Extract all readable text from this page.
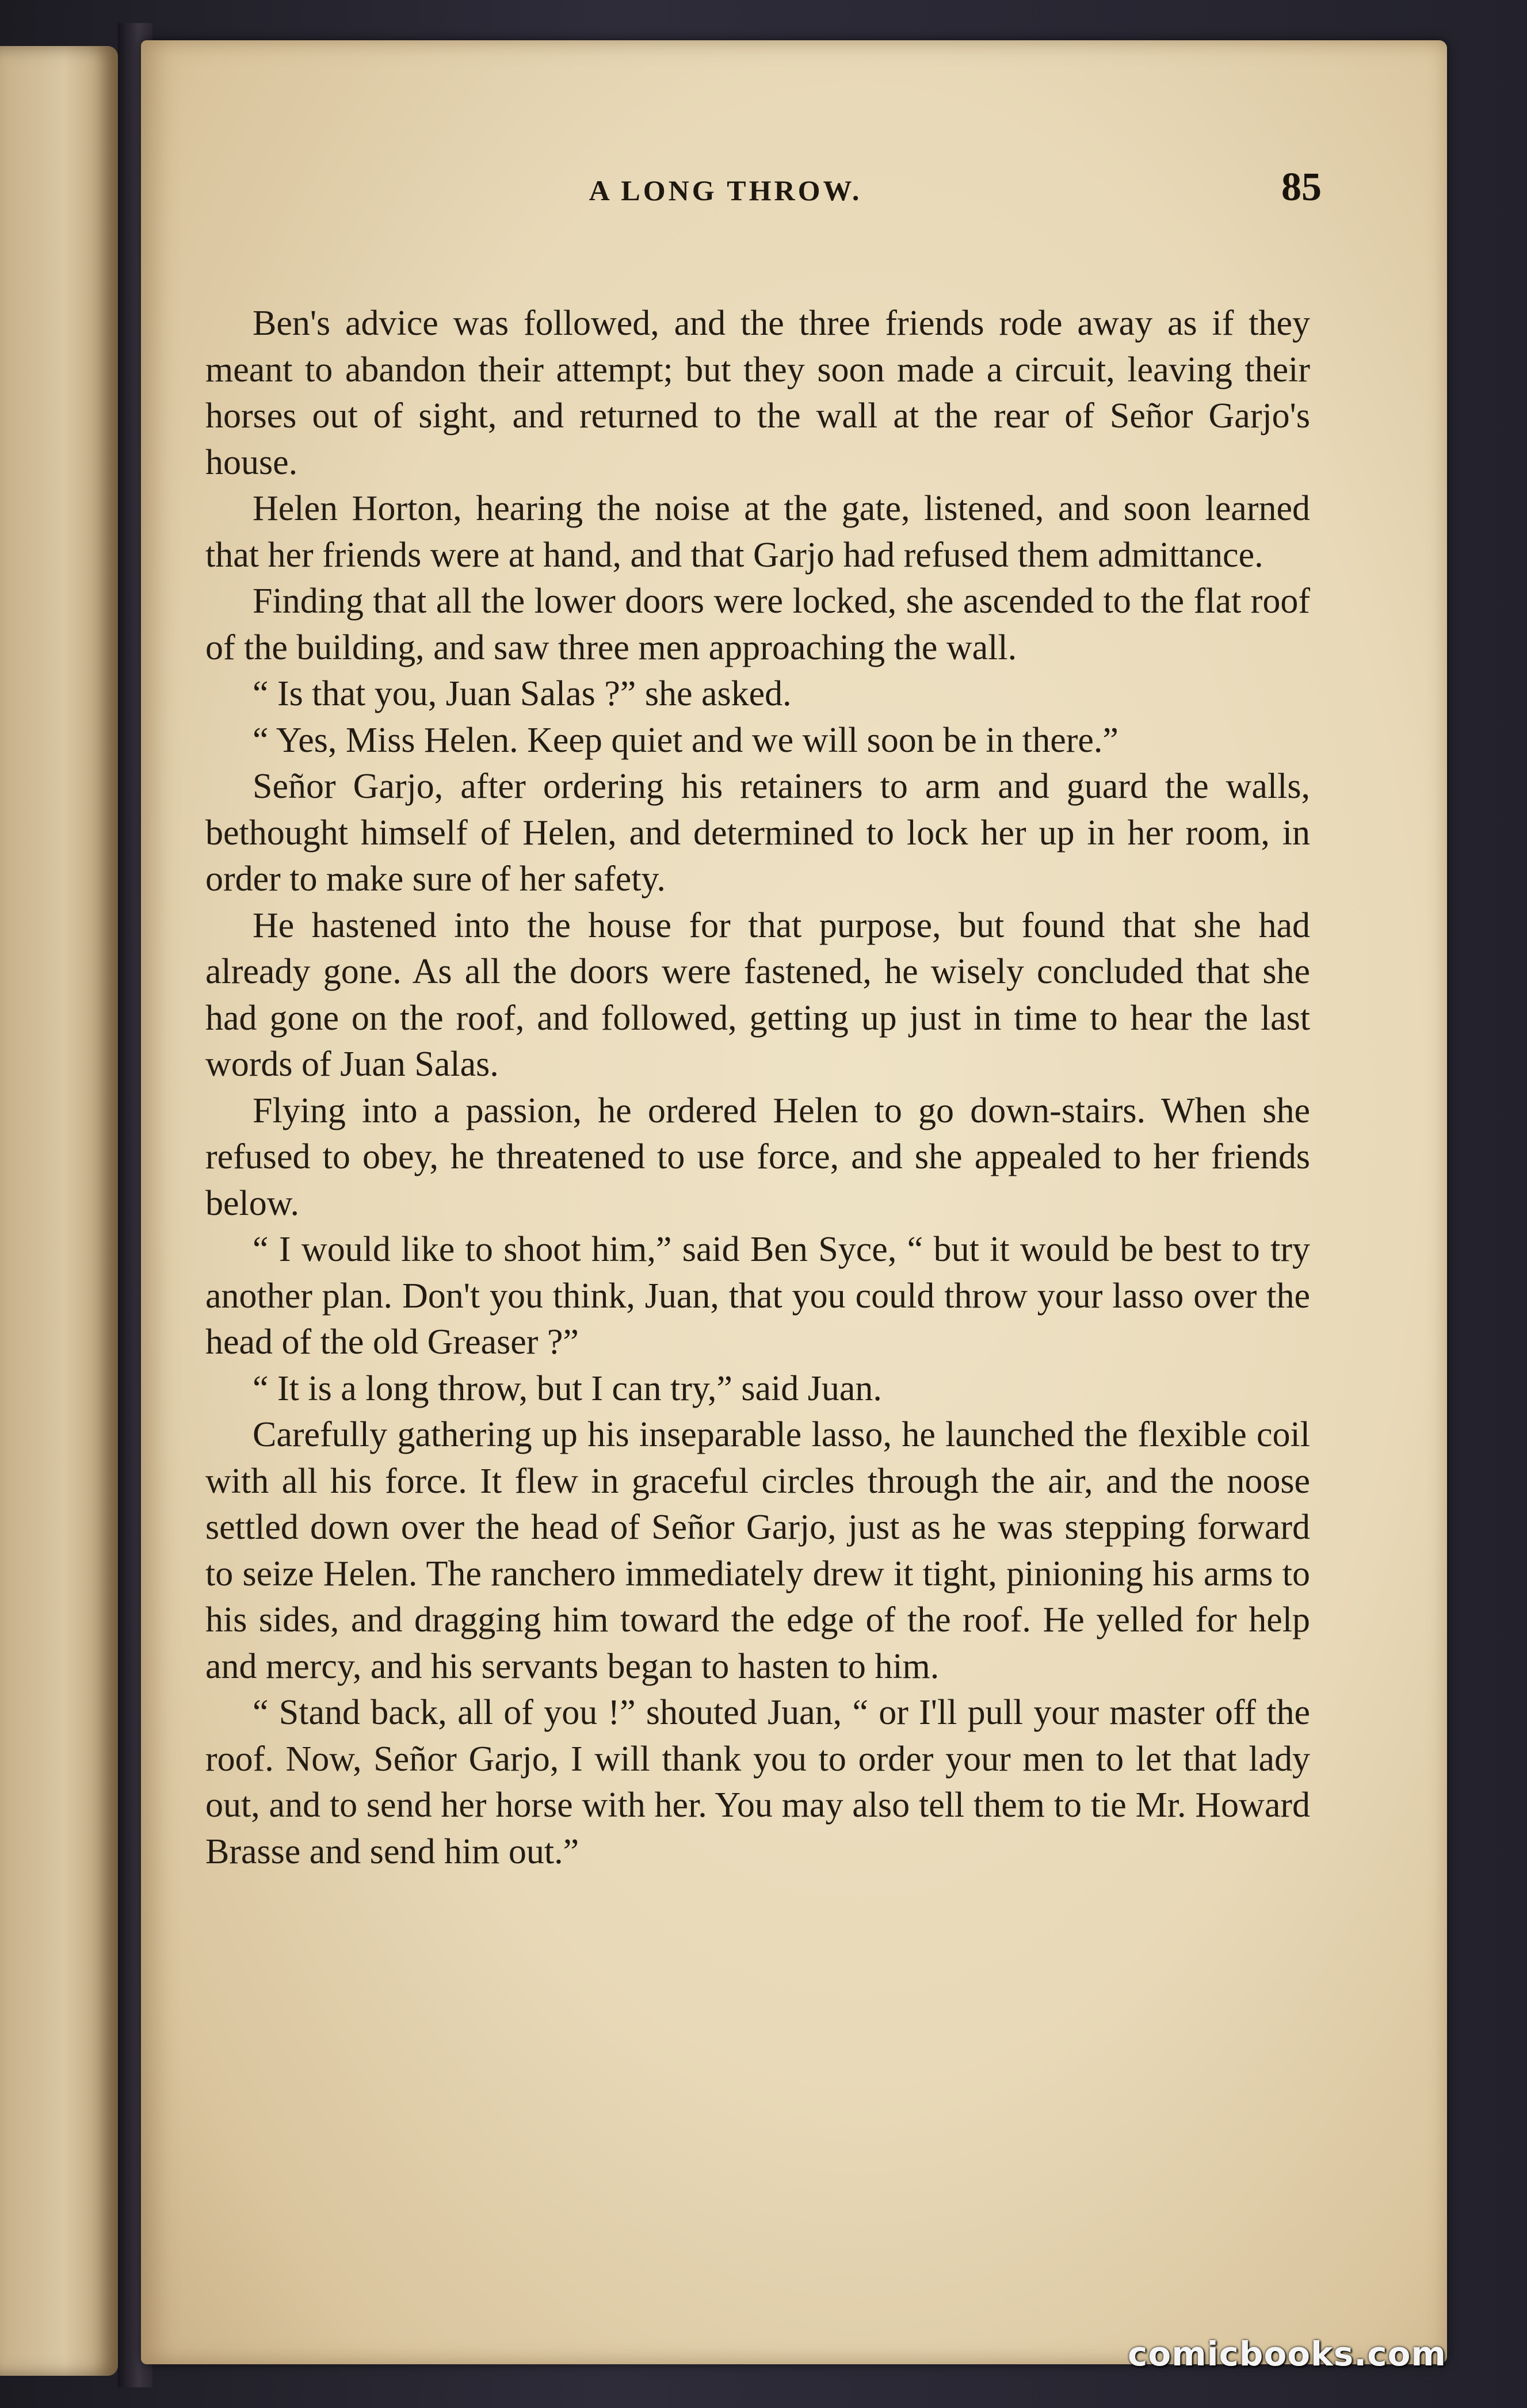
A LONG THROW.	85

Ben's advice was followed, and the three friends rode away as if they meant to abandon their attempt; but they soon made a circuit, leaving their horses out of sight, and returned to the wall at the rear of Señor Garjo's house.

Helen Horton, hearing the noise at the gate, listened, and soon learned that her friends were at hand, and that Garjo had refused them admittance.

Finding that all the lower doors were locked, she ascended to the flat roof of the building, and saw three men approaching the wall.

“ Is that you, Juan Salas ?” she asked.

“ Yes, Miss Helen. Keep quiet and we will soon be in there.”

Señor Garjo, after ordering his retainers to arm and guard the walls, bethought himself of Helen, and determined to lock her up in her room, in order to make sure of her safety.

He hastened into the house for that purpose, but found that she had already gone. As all the doors were fastened, he wisely concluded that she had gone on the roof, and followed, getting up just in time to hear the last words of Juan Salas.

Flying into a passion, he ordered Helen to go down-stairs. When she refused to obey, he threatened to use force, and she appealed to her friends below.

“ I would like to shoot him,” said Ben Syce, “ but it would be best to try another plan. Don't you think, Juan, that you could throw your lasso over the head of the old Greaser ?”

“ It is a long throw, but I can try,” said Juan.

Carefully gathering up his inseparable lasso, he launched the flexible coil with all his force. It flew in graceful circles through the air, and the noose settled down over the head of Señor Garjo, just as he was stepping forward to seize Helen. The ranchero immediately drew it tight, pinioning his arms to his sides, and dragging him toward the edge of the roof. He yelled for help and mercy, and his servants began to hasten to him.

“ Stand back, all of you !” shouted Juan, “ or I'll pull your master off the roof. Now, Señor Garjo, I will thank you to order your men to let that lady out, and to send her horse with her. You may also tell them to tie Mr. Howard Brasse and send him out.”

comicbooks.com
